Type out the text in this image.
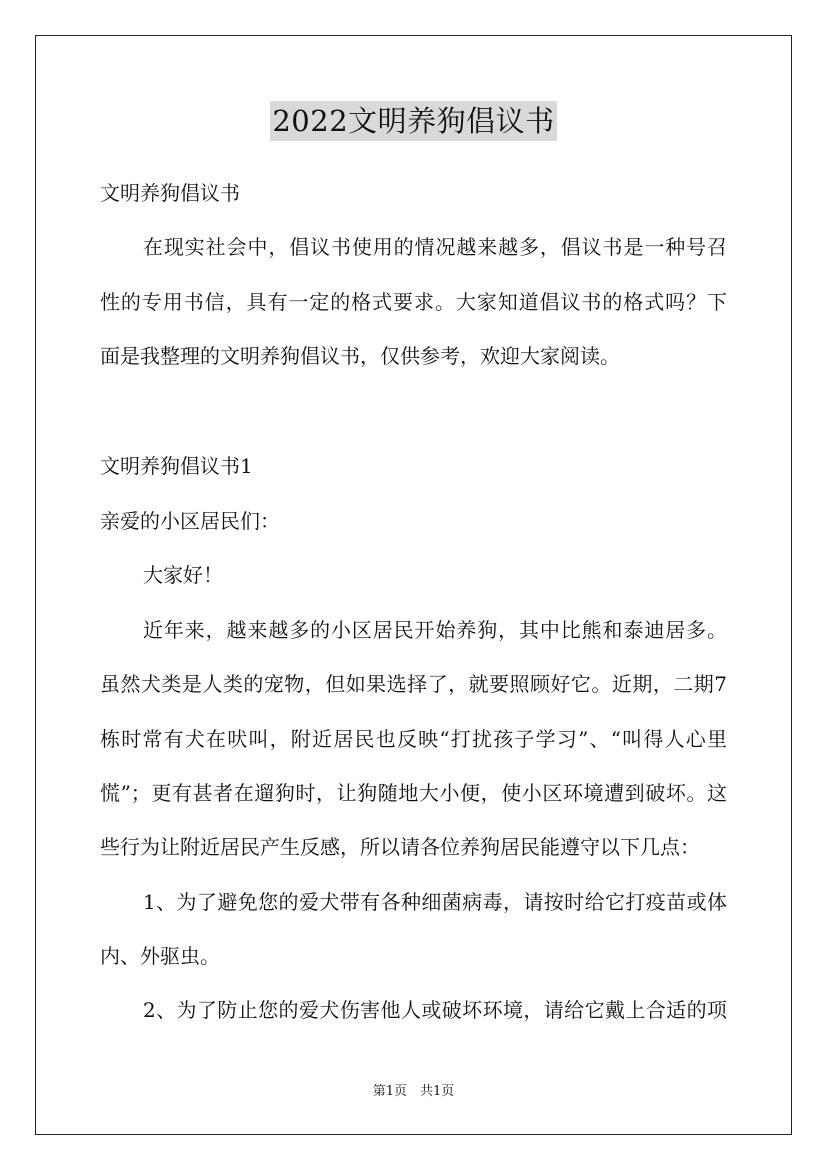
2022文明养狗倡议书
文明养狗倡议书
在现实社会中，倡议书使用的情况越来越多，倡议书是一种号召
性的专用书信，具有一定的格式要求。大家知道倡议书的格式吗？下
面是我整理的文明养狗倡议书，仅供参考，欢迎大家阅读。
文明养狗倡议书1
亲爱的小区居民们：
大家好！
近年来，越来越多的小区居民开始养狗，其中比熊和泰迪居多。
虽然犬类是人类的宠物，但如果选择了，就要照顾好它。近期，二期7
栋时常有犬在吠叫，附近居民也反映“打扰孩子学习”、“叫得人心里
慌”；更有甚者在遛狗时，让狗随地大小便，使小区环境遭到破坏。这
些行为让附近居民产生反感，所以请各位养狗居民能遵守以下几点：
1、为了避免您的爱犬带有各种细菌病毒，请按时给它打疫苗或体
内、外驱虫。
2、为了防止您的爱犬伤害他人或破坏环境，请给它戴上合适的项
第1页　共1页
